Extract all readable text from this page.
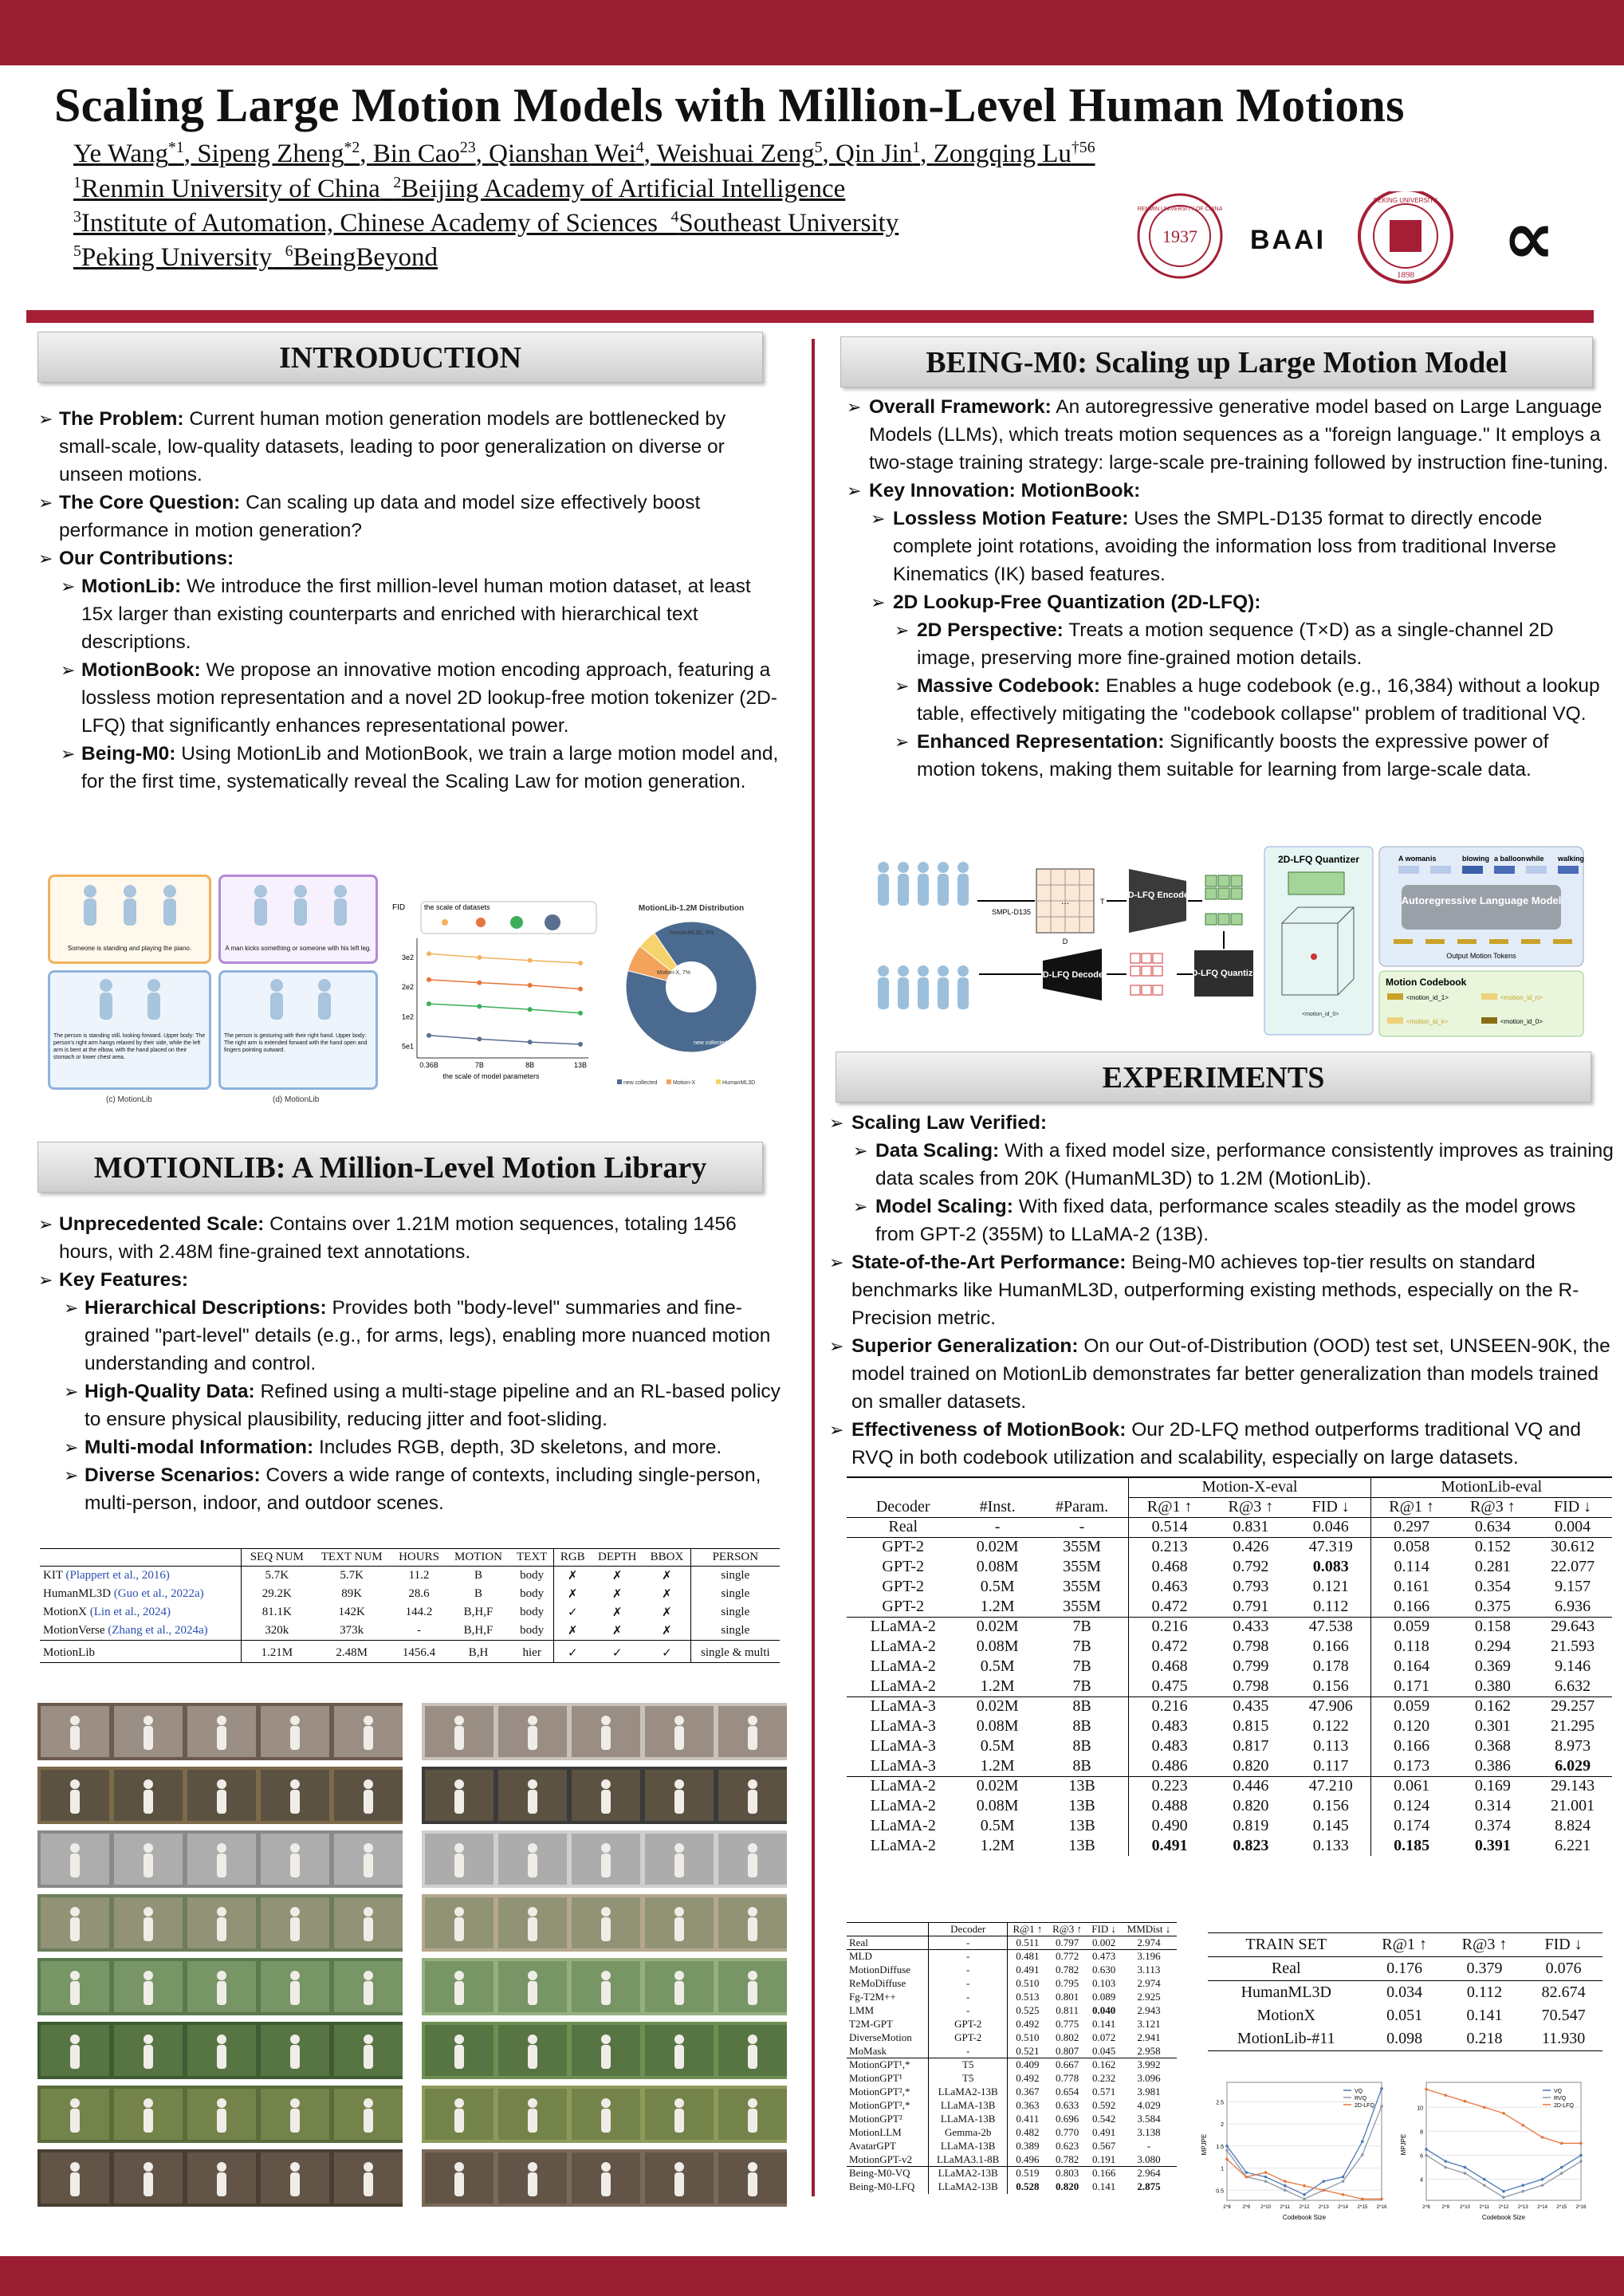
Scaling Large Motion Models with Million-Level Human Motions
Ye Wang$^{*1}$, Sipeng Zheng$^{*2}$, Bin Cao$^{23}$, Qianshan Wei$^4$, Weishuai Zeng$^5$, Qin Jin$^1$, Zongqing Lu$^{\dagger 56}$
$^1$Renmin University of China $^2$Beijing Academy of Artificial Intelligence
$^3$Institute of Automation, Chinese Academy of Sciences $^4$Southeast University
$^5$Peking University $^6$BeingBeyond
1937
RENMIN UNIVERSITY OF CHINA
BAAI
1898
PEKING UNIVERSITY ∝
INTRODUCTION

➢ The Problem: Current human motion generation models are bottlenecked by small-scale, low-quality datasets, leading to poor generalization on diverse or unseen motions.

➢ The Core Question: Can scaling up data and model size effectively boost performance in motion generation?

➢ Our Contributions:

➢ MotionLib: We introduce the first million-level human motion dataset, at least 15x larger than existing counterparts and enriched with hierarchical text descriptions.

➢ MotionBook: We propose an innovative motion encoding approach, featuring a lossless motion representation and a novel 2D lookup-free motion tokenizer (2D-LFQ) that significantly enhances representational power.

➢ Being-M0: Using MotionLib and MotionBook, we train a large motion model and, for the first time, systematically reveal the Scaling Law for motion generation.

Someone is standing and playing the piano.	A man kicks something or someone with his left leg.
The person is standing still, looking forward. Upper body: The person's right arm hangs relaxed by their side, while the left arm is bent at the elbow, with the hand placed on their stomach or lower chest area.
(c) MotionLib
The person is gesturing with their right hand. Upper body: The right arm is extended forward with the hand open and fingers pointing outward.
(d) MotionLib
the scale of datasets
FID
the scale of model parameters
0.36B	7B	8B	13B
3e2
2e2
1e2
5e1
MotionLib-1.2M Distribution
HumanML3D, 5%
Motion-X, 7%
new collected, 93%
new collected	Motion-X	HumanML3D
MOTIONLIB: A Million-Level Motion Library

➢ Unprecedented Scale: Contains over 1.21M motion sequences, totaling 1456 hours, with 2.48M fine-grained text annotations.

➢ Key Features:

➢ Hierarchical Descriptions: Provides both "body-level" summaries and fine-grained "part-level" details (e.g., for arms, legs), enabling more nuanced motion understanding and control.

➢ High-Quality Data: Refined using a multi-stage pipeline and an RL-based policy to ensure physical plausibility, reducing jitter and foot-sliding.

➢ Multi-modal Information: Includes RGB, depth, 3D skeletons, and more.

➢ Diverse Scenarios: Covers a wide range of contexts, including single-person, multi-person, indoor, and outdoor scenes.

	SEQ NUM	TEXT NUM	HOURS	MOTION	TEXT	RGB	DEPTH	BBOX	PERSON
KIT (Plappert et al., 2016)	5.7K	5.7K	11.2	B	body	✗	✗	✗	single
HumanML3D (Guo et al., 2022a)	29.2K	89K	28.6	B	body	✗	✗	✗	single
MotionX (Lin et al., 2024)	81.1K	142K	144.2	B,H,F	body	✓	✗	✗	single
MotionVerse (Zhang et al., 2024a)	320k	373k	-	B,H,F	body	✗	✗	✗	single
MotionLib	1.21M	2.48M	1456.4	B,H	hier	✓	✓	✓	single & multi
BEING-M0: Scaling up Large Motion Model

➢ Overall Framework: An autoregressive generative model based on Large Language Models (LLMs), which treats motion sequences as a "foreign language." It employs a two-stage training strategy: large-scale pre-training followed by instruction fine-tuning.

➢ Key Innovation: MotionBook:

➢ Lossless Motion Feature: Uses the SMPL-D135 format to directly encode complete joint rotations, avoiding the information loss from traditional Inverse Kinematics (IK) based features.

➢ 2D Lookup-Free Quantization (2D-LFQ):

➢ 2D Perspective: Treats a motion sequence (T×D) as a single-channel 2D image, preserving more fine-grained motion details.

➢ Massive Codebook: Enables a huge codebook (e.g., 16,384) without a lookup table, effectively mitigating the "codebook collapse" problem of traditional VQ.

➢ Enhanced Representation: Significantly boosts the expressive power of motion tokens, making them suitable for learning from large-scale data.

SMPL-D135
...
D
T
2D-LFQ Encoder
2D-LFQ Quantizer
2D-LFQ Decoder
2D-LFQ Quantizer
<motion_id_0>
A woman is	blowing a balloon while walking
Autoregressive Language Model
Output Motion Tokens
Motion Codebook
<motion_id_1>	<motion_id_n>
<motion_id_k>	<motion_id_0>
EXPERIMENTS

➢ Scaling Law Verified:

➢ Data Scaling: With a fixed model size, performance consistently improves as training data scales from 20K (HumanML3D) to 1.2M (MotionLib).

➢ Model Scaling: With fixed data, performance scales steadily as the model grows from GPT-2 (355M) to LLaMA-2 (13B).

➢ State-of-the-Art Performance: Being-M0 achieves top-tier results on standard benchmarks like HumanML3D, outperforming existing methods, especially on the R-Precision metric.

➢ Superior Generalization: On our Out-of-Distribution (OOD) test set, UNSEEN-90K, the model trained on MotionLib demonstrates far better generalization than models trained on smaller datasets.

➢ Effectiveness of MotionBook: Our 2D-LFQ method outperforms traditional VQ and RVQ in both codebook utilization and scalability, especially on large datasets.

			Motion-X-eval			MotionLib-eval		
Decoder	#Inst.	#Param.	R@1 ↑	R@3 ↑	FID ↓	R@1 ↑	R@3 ↑	FID ↓
Real	-	-	0.514	0.831	0.046	0.297	0.634	0.004
GPT-2	0.02M	355M	0.213	0.426	47.319	0.058	0.152	30.612
GPT-2	0.08M	355M	0.468	0.792	0.083	0.114	0.281	22.077
GPT-2	0.5M	355M	0.463	0.793	0.121	0.161	0.354	9.157
GPT-2	1.2M	355M	0.472	0.791	0.112	0.166	0.375	6.936
LLaMA-2	0.02M	7B	0.216	0.433	47.538	0.059	0.158	29.643
LLaMA-2	0.08M	7B	0.472	0.798	0.166	0.118	0.294	21.593
LLaMA-2	0.5M	7B	0.468	0.799	0.178	0.164	0.369	9.146
LLaMA-2	1.2M	7B	0.475	0.798	0.156	0.171	0.380	6.632
LLaMA-3	0.02M	8B	0.216	0.435	47.906	0.059	0.162	29.257
LLaMA-3	0.08M	8B	0.483	0.815	0.122	0.120	0.301	21.295
LLaMA-3	0.5M	8B	0.483	0.817	0.113	0.166	0.368	8.973
LLaMA-3	1.2M	8B	0.486	0.820	0.117	0.173	0.386	6.029
LLaMA-2	0.02M	13B	0.223	0.446	47.210	0.061	0.169	29.143
LLaMA-2	0.08M	13B	0.488	0.820	0.156	0.124	0.314	21.001
LLaMA-2	0.5M	13B	0.490	0.819	0.145	0.174	0.374	8.824
LLaMA-2	1.2M	13B	0.491	0.823	0.133	0.185	0.391	6.221
	Decoder	R@1 ↑	R@3 ↑	FID ↓	MMDist ↓
Real	-	0.511	0.797	0.002	2.974
MLD	-	0.481	0.772	0.473	3.196
MotionDiffuse	-	0.491	0.782	0.630	3.113
ReMoDiffuse	-	0.510	0.795	0.103	2.974
Fg-T2M++	-	0.513	0.801	0.089	2.925
LMM	-	0.525	0.811	0.040	2.943
T2M-GPT	GPT-2	0.492	0.775	0.141	3.121
DiverseMotion	GPT-2	0.510	0.802	0.072	2.941
MoMask	-	0.521	0.807	0.045	2.958
MotionGPT¹,*	T5	0.409	0.667	0.162	3.992
MotionGPT¹	T5	0.492	0.778	0.232	3.096
MotionGPT²,*	LLaMA2-13B	0.367	0.654	0.571	3.981
MotionGPT²,*	LLaMA-13B	0.363	0.633	0.592	4.029
MotionGPT²	LLaMA-13B	0.411	0.696	0.542	3.584
MotionLLM	Gemma-2b	0.482	0.770	0.491	3.138
AvatarGPT	LLaMA-13B	0.389	0.623	0.567	-
MotionGPT-v2	LLaMA3.1-8B	0.496	0.782	0.191	3.080
Being-M0-VQ	LLaMA2-13B	0.519	0.803	0.166	2.964
Being-M0-LFQ	LLaMA2-13B	0.528	0.820	0.141	2.875
TRAIN SET	R@1 ↑	R@3 ↑	FID ↓
Real	0.176	0.379	0.076
HumanML3D	0.034	0.112	82.674
MotionX	0.051	0.141	70.547
MotionLib-#11	0.098	0.218	11.930
0.5
1
1.5
2
2.5
2^8 2^9 2^10 2^11 2^12 2^13 2^14 2^15 2^16
Codebook Size
MPJPE
VQ
RVQ
2D-LFQ
4
6
8
10
2^8 2^9 2^10 2^11 2^12 2^13 2^14 2^15 2^16
Codebook Size
MPJPE
VQ
RVQ
2D-LFQ
